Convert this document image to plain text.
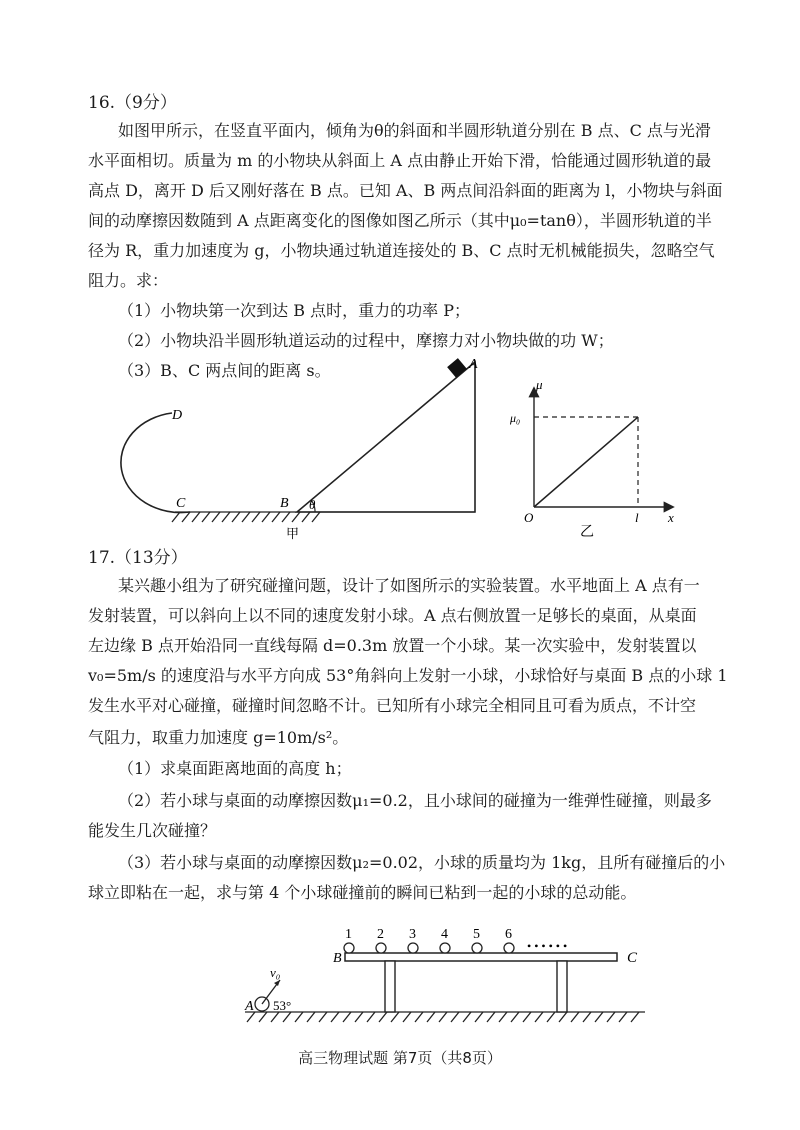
16.（9分）
如图甲所示，在竖直平面内，倾角为θ的斜面和半圆形轨道分别在 B 点、C 点与光滑
水平面相切。质量为 m 的小物块从斜面上 A 点由静止开始下滑，恰能通过圆形轨道的最
高点 D，离开 D 后又刚好落在 B 点。已知 A、B 两点间沿斜面的距离为 l，小物块与斜面
间的动摩擦因数随到 A 点距离变化的图像如图乙所示（其中μ₀=tanθ），半圆形轨道的半
径为 R，重力加速度为 g，小物块通过轨道连接处的 B、C 点时无机械能损失，忽略空气
阻力。求：
（1）小物块第一次到达 B 点时，重力的功率 P；
（2）小物块沿半圆形轨道运动的过程中，摩擦力对小物块做的功 W；
（3）B、C 两点间的距离 s。	A
B
C
D
θ
甲
μ
μ₀
O	l x
乙
17.（13分）
某兴趣小组为了研究碰撞问题，设计了如图所示的实验装置。水平地面上 A 点有一
发射装置，可以斜向上以不同的速度发射小球。A 点右侧放置一足够长的桌面，从桌面
左边缘 B 点开始沿同一直线每隔 d=0.3m 放置一个小球。某一次实验中，发射装置以
v₀=5m/s 的速度沿与水平方向成 53°角斜向上发射一小球，小球恰好与桌面 B 点的小球 1
发生水平对心碰撞，碰撞时间忽略不计。已知所有小球完全相同且可看为质点，不计空
气阻力，取重力加速度 g=10m/s²。
（1）求桌面距离地面的高度 h；
（2）若小球与桌面的动摩擦因数μ₁=0.2，且小球间的碰撞为一维弹性碰撞，则最多
能发生几次碰撞？
（3）若小球与桌面的动摩擦因数μ₂=0.02，小球的质量均为 1kg，且所有碰撞后的小
球立即粘在一起，求与第 4 个小球碰撞前的瞬间已粘到一起的小球的总动能。
1 2 3 4 5 6
• • • • • •
B	C
v₀
A 53°
高三物理试题 第7页（共8页）
